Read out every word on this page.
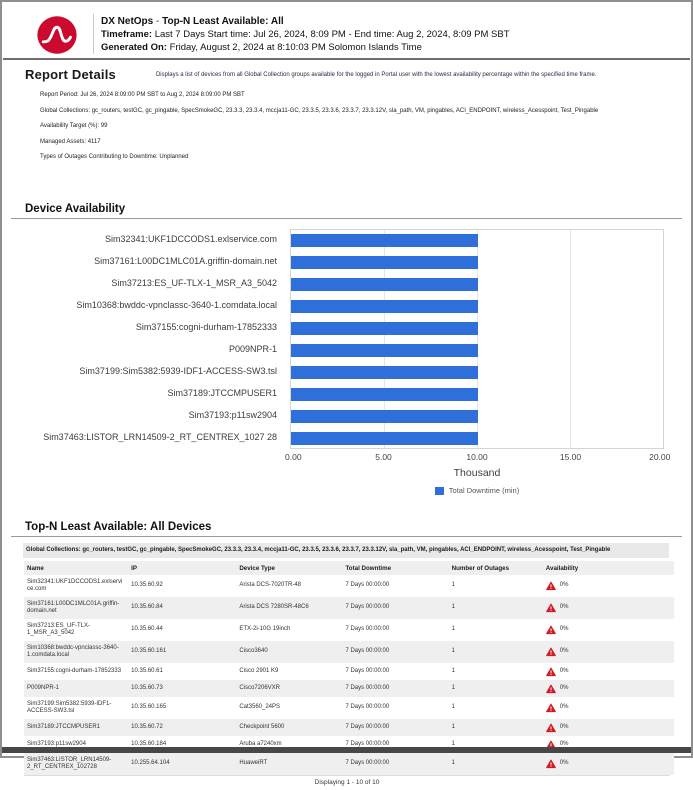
DX NetOps - Top-N Least Available: All
Timeframe: Last 7 Days Start time: Jul 26, 2024, 8:09 PM - End time: Aug 2, 2024, 8:09 PM SBT
Generated On: Friday, August 2, 2024 at 8:10:03 PM Solomon Islands Time
Report Details	Displays a list of devices from all Global Collection groups available for the logged in Portal user with the lowest availability percentage within the specified time frame.
Report Period: Jul 26, 2024 8:09:00 PM SBT to Aug 2, 2024 8:09:00 PM SBT
Global Collections: gc_routers, testGC, gc_pingable, SpecSmokeGC, 23.3.3, 23.3.4, mccja11-GC, 23.3.5, 23.3.6, 23.3.7, 23.3.12V, sla_path, VM, pingables, ACI_ENDPOINT, wireless_Acesspoint, Test_Pingable
Availability Target (%): 99
Managed Assets: 4117
Types of Outages Contributing to Downtime: Unplanned
Device Availability
Sim32341:UKF1DCCODS1.exlservice.com
Sim37161:L00DC1MLC01A.griffin-domain.net
Sim37213:ES_UF-TLX-1_MSR_A3_5042
Sim10368:bwddc-vpnclassc-3640-1.comdata.local
Sim37155:cogni-durham-17852333
P009NPR-1
Sim37199:Sim5382:5939-IDF1-ACCESS-SW3.tsl
Sim37189:JTCCMPUSER1
Sim37193:p11sw2904
Sim37463:LISTOR_LRN14509-2_RT_CENTREX_1027 28
0.00	5.00	10.00	15.00	20.00
Thousand
Total Downtime (min)
Top-N Least Available: All Devices
Global Collections: gc_routers, testGC, gc_pingable, SpecSmokeGC, 23.3.3, 23.3.4, mccja11-GC, 23.3.5, 23.3.6, 23.3.7, 23.3.12V, sla_path, VM, pingables, ACI_ENDPOINT, wireless_Acesspoint, Test_Pingable
Name	IP	Device Type	Total Downtime	Number of Outages	Availability
Sim32341:UKF1DCCODS1.exlservice.com	10.35.60.92	Arista DCS-7020TR-48	7 Days 00:00:00	1	0%

Sim37161:L00DC1MLC01A.griffin-domain.net	10.35.60.84	Arista DCS 7280SR-48C6	7 Days 00:00:00	1	0%

Sim37213:ES_UF-TLX-1_MSR_A3_5042	10.35.60.44	ETX-2i-10G 19inch	7 Days 00:00:00	1	0%

Sim10368:bwddc-vpnclassc-3640-1.comdata.local	10.35.60.161	Cisco3640	7 Days 00:00:00	1	0%

Sim37155:cogni-durham-17852333	10.35.60.61	Cisco 2901 K9	7 Days 00:00:00	1	0%

P009NPR-1	10.35.60.73	Cisco7206VXR	7 Days 00:00:00	1	0%

Sim37199:Sim5382:5939-IDF1-ACCESS-SW3.tsl	10.35.60.165	Cat3560_24PS	7 Days 00:00:00	1	0%

Sim37189:JTCCMPUSER1	10.35.60.72	Checkpoint 5600	7 Days 00:00:00	1	0%

Sim37193:p11sw2904	10.35.60.184	Aruba a7240xm	7 Days 00:00:00	1	0%

Sim37463:LISTOR_LRN14509-2_RT_CENTREX_102728	10.255.64.104	HuaweiRT	7 Days 00:00:00	1	0%
Displaying 1 - 10 of 10
